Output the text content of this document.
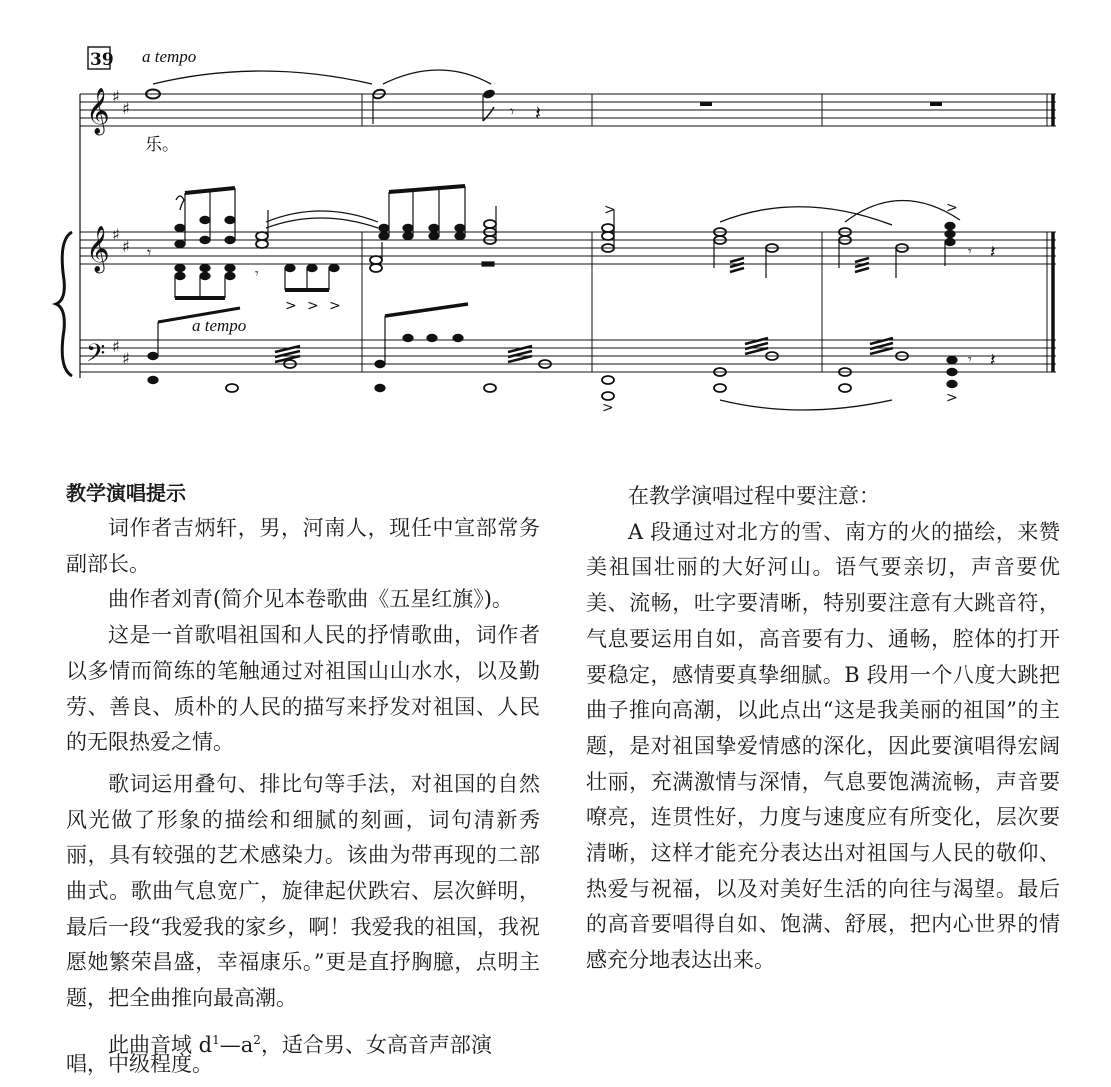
39 a tempo
𝄞 ♯
♯	𝄾 𝄽
乐。
𝄞 ♯
♯ 𝄾
𝄾
> > >
>	>
𝄾 𝄽
a tempo
𝄢 ♯
♯	𝄾 𝄽
>
>
教学演唱提示

词作者吉炳轩，男，河南人，现任中宣部常务副部长。

曲作者刘青(简介见本卷歌曲《五星红旗》)。

这是一首歌唱祖国和人民的抒情歌曲，词作者以多情而简练的笔触通过对祖国山山水水，以及勤劳、善良、质朴的人民的描写来抒发对祖国、人民的无限热爱之情。

歌词运用叠句、排比句等手法，对祖国的自然风光做了形象的描绘和细腻的刻画，词句清新秀丽，具有较强的艺术感染力。该曲为带再现的二部曲式。歌曲气息宽广，旋律起伏跌宕、层次鲜明，最后一段“我爱我的家乡，啊！我爱我的祖国，我祝愿她繁荣昌盛，幸福康乐。”更是直抒胸臆，点明主题，把全曲推向最高潮。

此曲音域 $d^1—a^2$，适合男、女高音声部演

唱，中级程度。

在教学演唱过程中要注意：

A 段通过对北方的雪、南方的火的描绘，来赞美祖国壮丽的大好河山。语气要亲切，声音要优美、流畅，吐字要清晰，特别要注意有大跳音符，气息要运用自如，高音要有力、通畅，腔体的打开要稳定，感情要真挚细腻。B 段用一个八度大跳把曲子推向高潮，以此点出“这是我美丽的祖国”的主题，是对祖国挚爱情感的深化，因此要演唱得宏阔壮丽，充满激情与深情，气息要饱满流畅，声音要嘹亮，连贯性好，力度与速度应有所变化，层次要清晰，这样才能充分表达出对祖国与人民的敬仰、热爱与祝福，以及对美好生活的向往与渴望。最后的高音要唱得自如、饱满、舒展，把内心世界的情感充分地表达出来。
